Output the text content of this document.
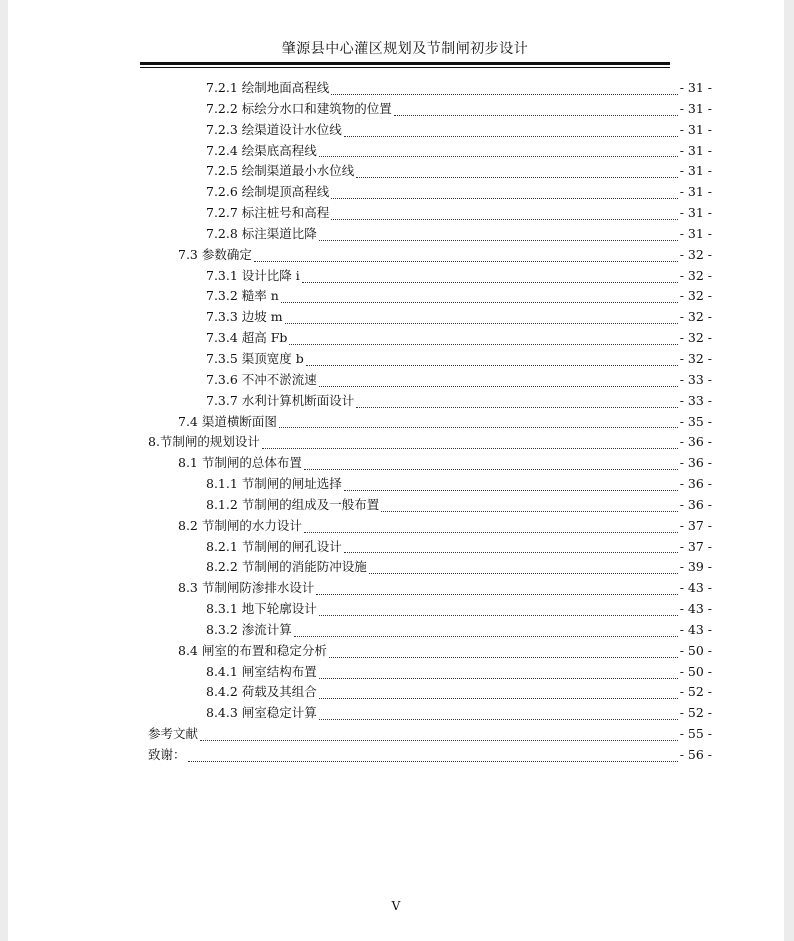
肇源县中心灌区规划及节制闸初步设计
7.2.1 绘制地面高程线	- 31 -
7.2.2 标绘分水口和建筑物的位置	- 31 -
7.2.3 绘渠道设计水位线	- 31 -
7.2.4 绘渠底高程线	- 31 -
7.2.5 绘制渠道最小水位线	- 31 -
7.2.6 绘制堤顶高程线	- 31 -
7.2.7 标注桩号和高程	- 31 -
7.2.8 标注渠道比降	- 31 -
7.3 参数确定	- 32 -
7.3.1 设计比降 i	- 32 -
7.3.2 糙率 n	- 32 -
7.3.3 边坡 m	- 32 -
7.3.4 超高 Fb	- 32 -
7.3.5 渠顶宽度 b	- 32 -
7.3.6 不冲不淤流速	- 33 -
7.3.7 水利计算机断面设计	- 33 -
7.4 渠道横断面图	- 35 -
8.节制闸的规划设计	- 36 -
8.1 节制闸的总体布置	- 36 -
8.1.1 节制闸的闸址选择	- 36 -
8.1.2 节制闸的组成及一般布置	- 36 -
8.2 节制闸的水力设计	- 37 -
8.2.1 节制闸的闸孔设计	- 37 -
8.2.2 节制闸的消能防冲设施	- 39 -
8.3 节制闸防渗排水设计	- 43 -
8.3.1 地下轮廓设计	- 43 -
8.3.2 渗流计算	- 43 -
8.4 闸室的布置和稳定分析	- 50 -
8.4.1 闸室结构布置	- 50 -
8.4.2 荷载及其组合	- 52 -
8.4.3 闸室稳定计算	- 52 -
参考文献	- 55 -
致谢：	- 56 -
V
